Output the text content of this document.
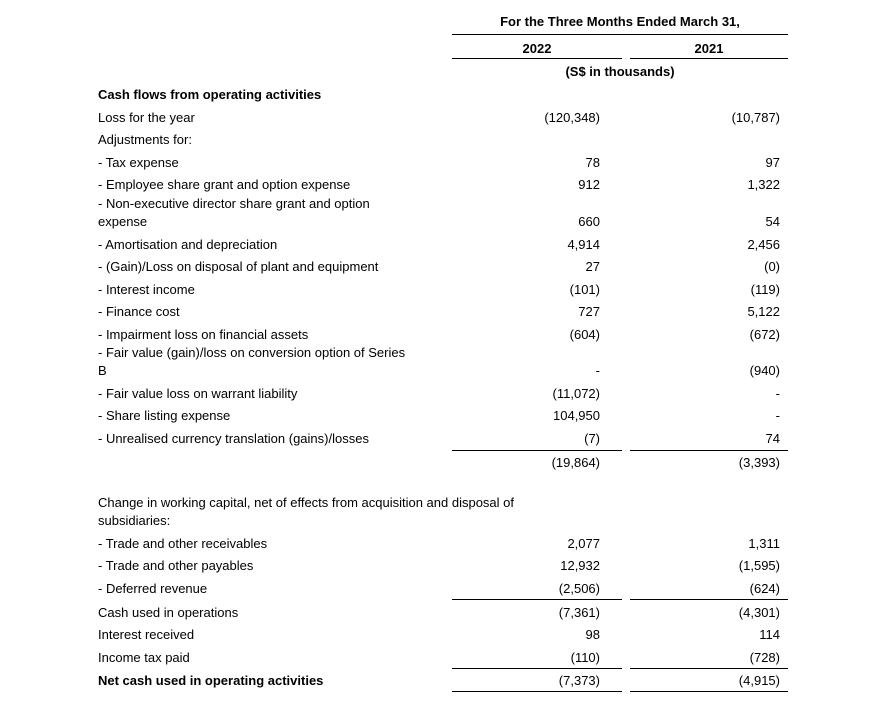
For the Three Months Ended March 31,
2022	2021
(S$ in thousands)
Cash flows from operating activities
Loss for the year	(120,348)	(10,787)
Adjustments for:
- Tax expense	78	97
- Employee share grant and option expense	912	1,322
- Non-executive director share grant and option
expense	660	54
- Amortisation and depreciation	4,914	2,456
- (Gain)/Loss on disposal of plant and equipment	27	(0)
- Interest income	(101)	(119)
- Finance cost	727	5,122
- Impairment loss on financial assets	(604)	(672)
- Fair value (gain)/loss on conversion option of Series
B	-	(940)
- Fair value loss on warrant liability	(11,072)	-
- Share listing expense	104,950	-
- Unrealised currency translation (gains)/losses	(7)	74
(19,864)	(3,393)
Change in working capital, net of effects from acquisition and disposal of
subsidiaries:
- Trade and other receivables	2,077	1,311
- Trade and other payables	12,932	(1,595)
- Deferred revenue	(2,506)	(624)
Cash used in operations	(7,361)	(4,301)
Interest received	98	114
Income tax paid	(110)	(728)
Net cash used in operating activities	(7,373)	(4,915)
